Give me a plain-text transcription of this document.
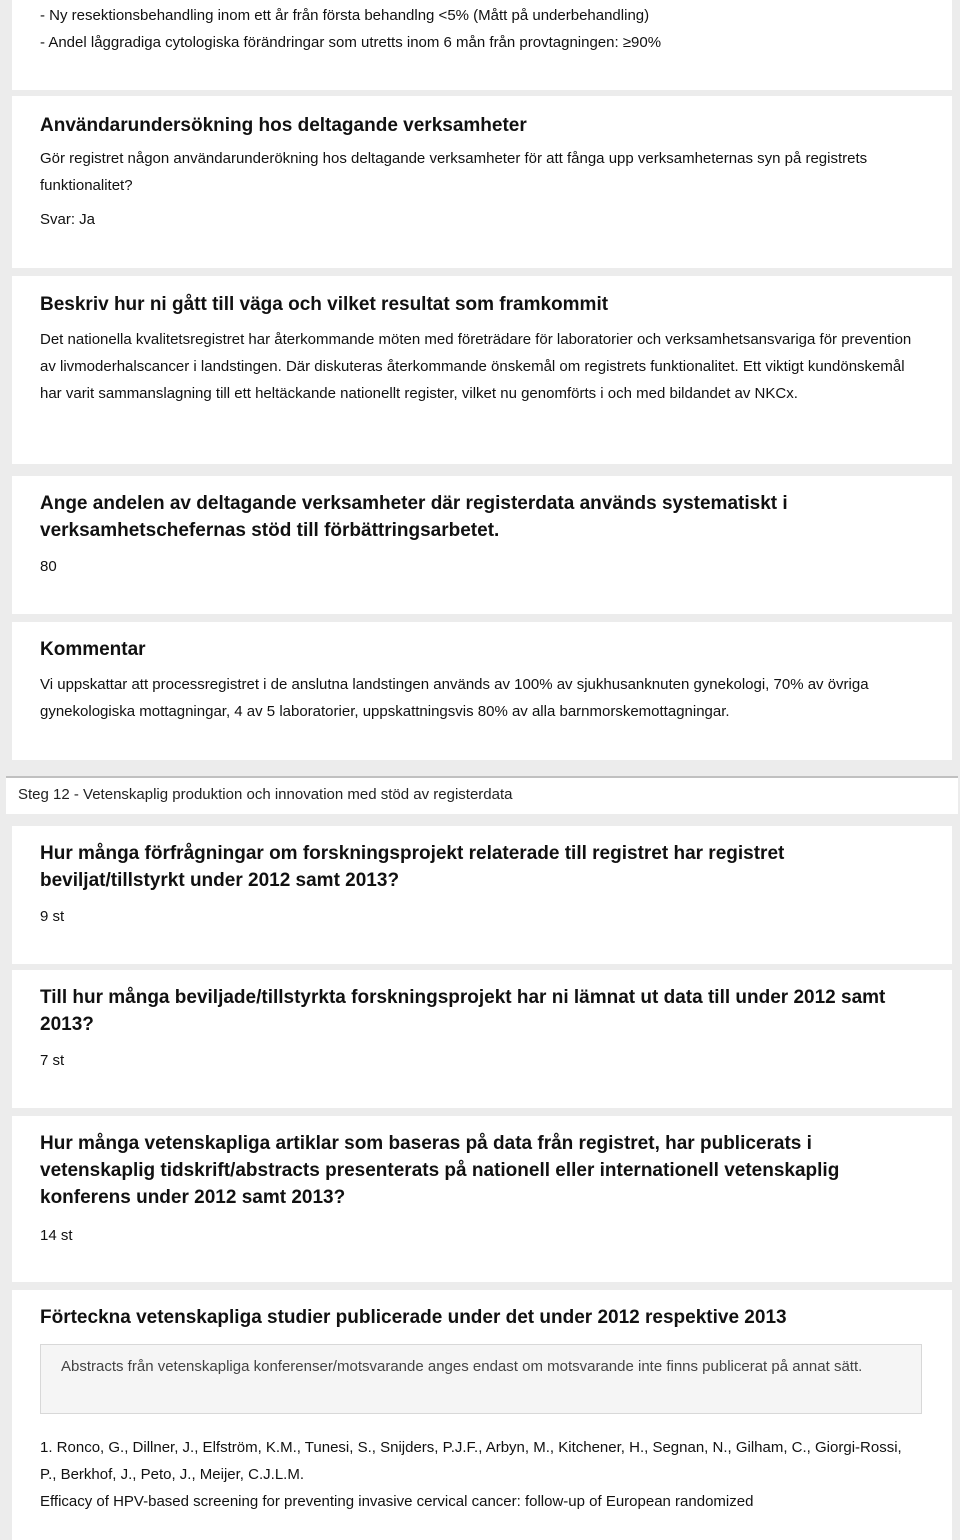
- Ny resektionsbehandling inom ett år från första behandlng <5% (Mått på underbehandling)

- Andel låggradiga cytologiska förändringar som utretts inom 6 mån från provtagningen: ≥90%

Användarundersökning hos deltagande verksamheter

Gör registret någon användarunderökning hos deltagande verksamheter för att fånga upp verksamheternas syn på registrets funktionalitet?

Svar: Ja

Beskriv hur ni gått till väga och vilket resultat som framkommit

Det nationella kvalitetsregistret har återkommande möten med företrädare för laboratorier och verksamhetsansvariga för prevention av livmoderhalscancer i landstingen. Där diskuteras återkommande önskemål om registrets funktionalitet. Ett viktigt kundönskemål har varit sammanslagning till ett heltäckande nationellt register, vilket nu genomförts i och med bildandet av NKCx.

Ange andelen av deltagande verksamheter där registerdata används systematiskt i verksamhetschefernas stöd till förbättringsarbetet.

80

Kommentar

Vi uppskattar att processregistret i de anslutna landstingen används av 100% av sjukhusanknuten gynekologi, 70% av övriga gynekologiska mottagningar, 4 av 5 laboratorier, uppskattningsvis 80% av alla barnmorskemottagningar.

Steg 12 - Vetenskaplig produktion och innovation med stöd av registerdata
Hur många förfrågningar om forskningsprojekt relaterade till registret har registret beviljat/tillstyrkt under 2012 samt 2013?

9 st

Till hur många beviljade/tillstyrkta forskningsprojekt har ni lämnat ut data till under 2012 samt 2013?

7 st

Hur många vetenskapliga artiklar som baseras på data från registret, har publicerats i vetenskaplig tidskrift/abstracts presenterats på nationell eller internationell vetenskaplig konferens under 2012 samt 2013?

14 st

Förteckna vetenskapliga studier publicerade under det under 2012 respektive 2013
Abstracts från vetenskapliga konferenser/motsvarande anges endast om motsvarande inte finns publicerat på annat sätt.

1. Ronco, G., Dillner, J., Elfström, K.M., Tunesi, S., Snijders, P.J.F., Arbyn, M., Kitchener, H., Segnan, N., Gilham, C., Giorgi-Rossi, P., Berkhof, J., Peto, J., Meijer, C.J.L.M.

Efficacy of HPV-based screening for preventing invasive cervical cancer: follow-up of European randomized
